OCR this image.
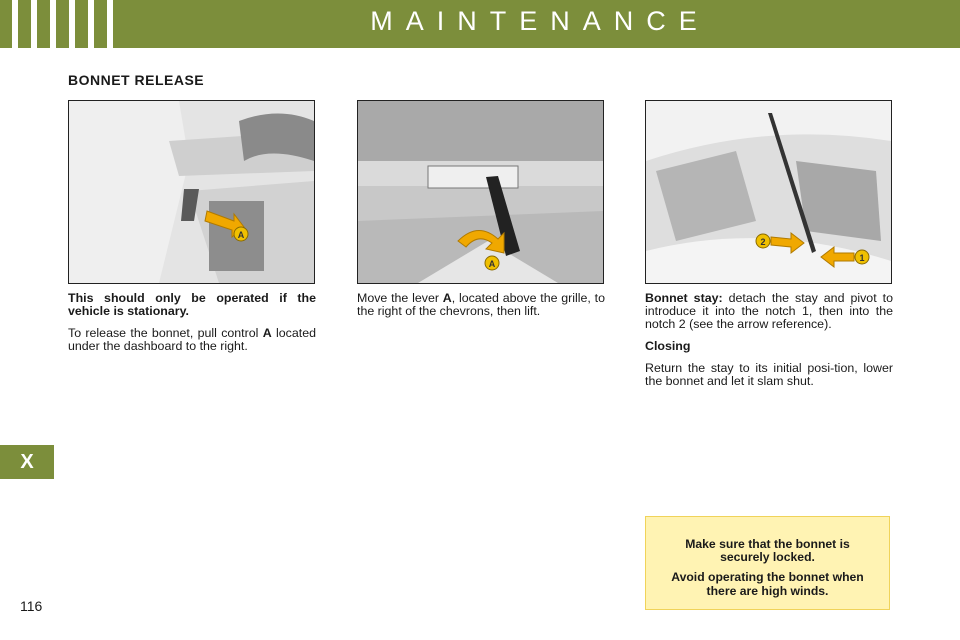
MAINTENANCE
BONNET RELEASE
A
A
2
1

This should only be operated if the vehicle is stationary.

To release the bonnet, pull control A located under the dashboard to the right.

Move the lever A, located above the grille, to the right of the chevrons, then lift.

Bonnet stay: detach the stay and pivot to introduce it into the notch 1, then into the notch 2 (see the arrow reference).

Closing

Return the stay to its initial posi-tion, lower the bonnet and let it slam shut.

X

Make sure that the bonnet is securely locked.

Avoid operating the bonnet when there are high winds.

116
